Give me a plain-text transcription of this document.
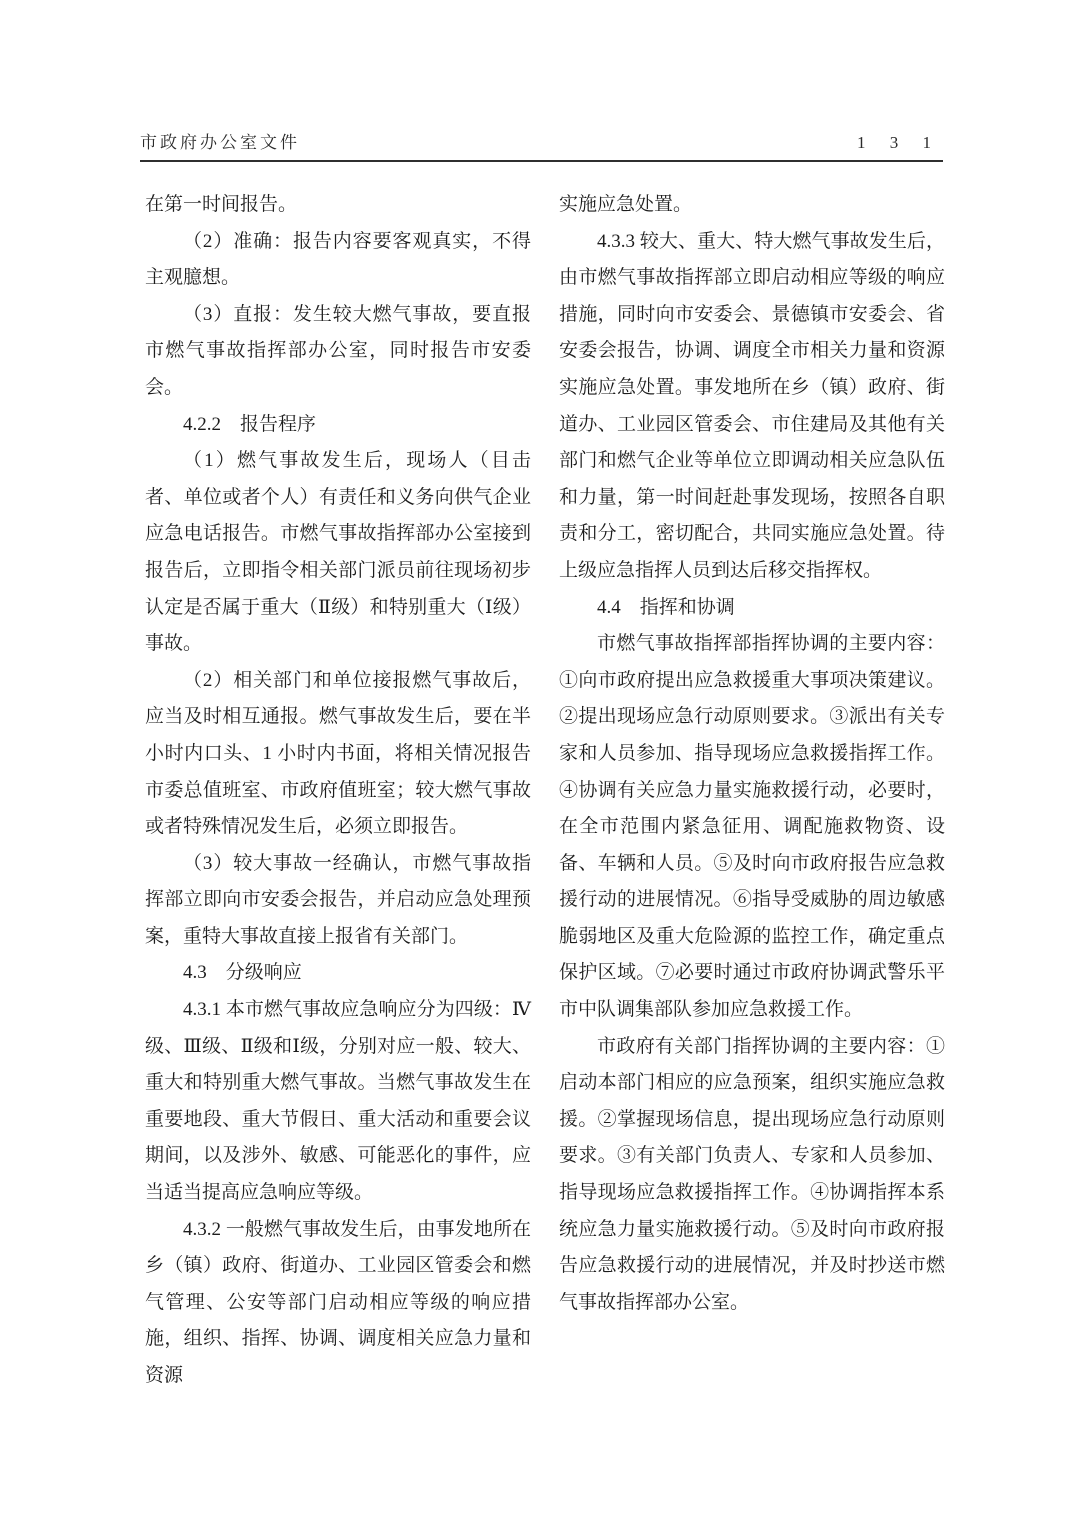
市政府办公室文件	1 3 1

在第一时间报告。

（2）准确：报告内容要客观真实，不得主观臆想。

（3）直报：发生较大燃气事故，要直报市燃气事故指挥部办公室，同时报告市安委会。

4.2.2　报告程序

（1）燃气事故发生后，现场人（目击者、单位或者个人）有责任和义务向供气企业应急电话报告。市燃气事故指挥部办公室接到报告后，立即指令相关部门派员前往现场初步认定是否属于重大（Ⅱ级）和特别重大（Ⅰ级）事故。

（2）相关部门和单位接报燃气事故后，应当及时相互通报。燃气事故发生后，要在半小时内口头、1 小时内书面，将相关情况报告市委总值班室、市政府值班室；较大燃气事故或者特殊情况发生后，必须立即报告。

（3）较大事故一经确认，市燃气事故指挥部立即向市安委会报告，并启动应急处理预案，重特大事故直接上报省有关部门。

4.3　分级响应

4.3.1 本市燃气事故应急响应分为四级：Ⅳ级、Ⅲ级、Ⅱ级和Ⅰ级，分别对应一般、较大、重大和特别重大燃气事故。当燃气事故发生在重要地段、重大节假日、重大活动和重要会议期间，以及涉外、敏感、可能恶化的事件，应当适当提高应急响应等级。

4.3.2 一般燃气事故发生后，由事发地所在乡（镇）政府、街道办、工业园区管委会和燃气管理、公安等部门启动相应等级的响应措施，组织、指挥、协调、调度相关应急力量和资源

实施应急处置。

4.3.3 较大、重大、特大燃气事故发生后，由市燃气事故指挥部立即启动相应等级的响应措施，同时向市安委会、景德镇市安委会、省安委会报告，协调、调度全市相关力量和资源实施应急处置。事发地所在乡（镇）政府、街道办、工业园区管委会、市住建局及其他有关部门和燃气企业等单位立即调动相关应急队伍和力量，第一时间赶赴事发现场，按照各自职责和分工，密切配合，共同实施应急处置。待上级应急指挥人员到达后移交指挥权。

4.4　指挥和协调

市燃气事故指挥部指挥协调的主要内容：①向市政府提出应急救援重大事项决策建议。②提出现场应急行动原则要求。③派出有关专家和人员参加、指导现场应急救援指挥工作。④协调有关应急力量实施救援行动，必要时，在全市范围内紧急征用、调配施救物资、设备、车辆和人员。⑤及时向市政府报告应急救援行动的进展情况。⑥指导受威胁的周边敏感脆弱地区及重大危险源的监控工作，确定重点保护区域。⑦必要时通过市政府协调武警乐平市中队调集部队参加应急救援工作。

市政府有关部门指挥协调的主要内容：①启动本部门相应的应急预案，组织实施应急救援。②掌握现场信息，提出现场应急行动原则要求。③有关部门负责人、专家和人员参加、指导现场应急救援指挥工作。④协调指挥本系统应急力量实施救援行动。⑤及时向市政府报告应急救援行动的进展情况，并及时抄送市燃气事故指挥部办公室。
